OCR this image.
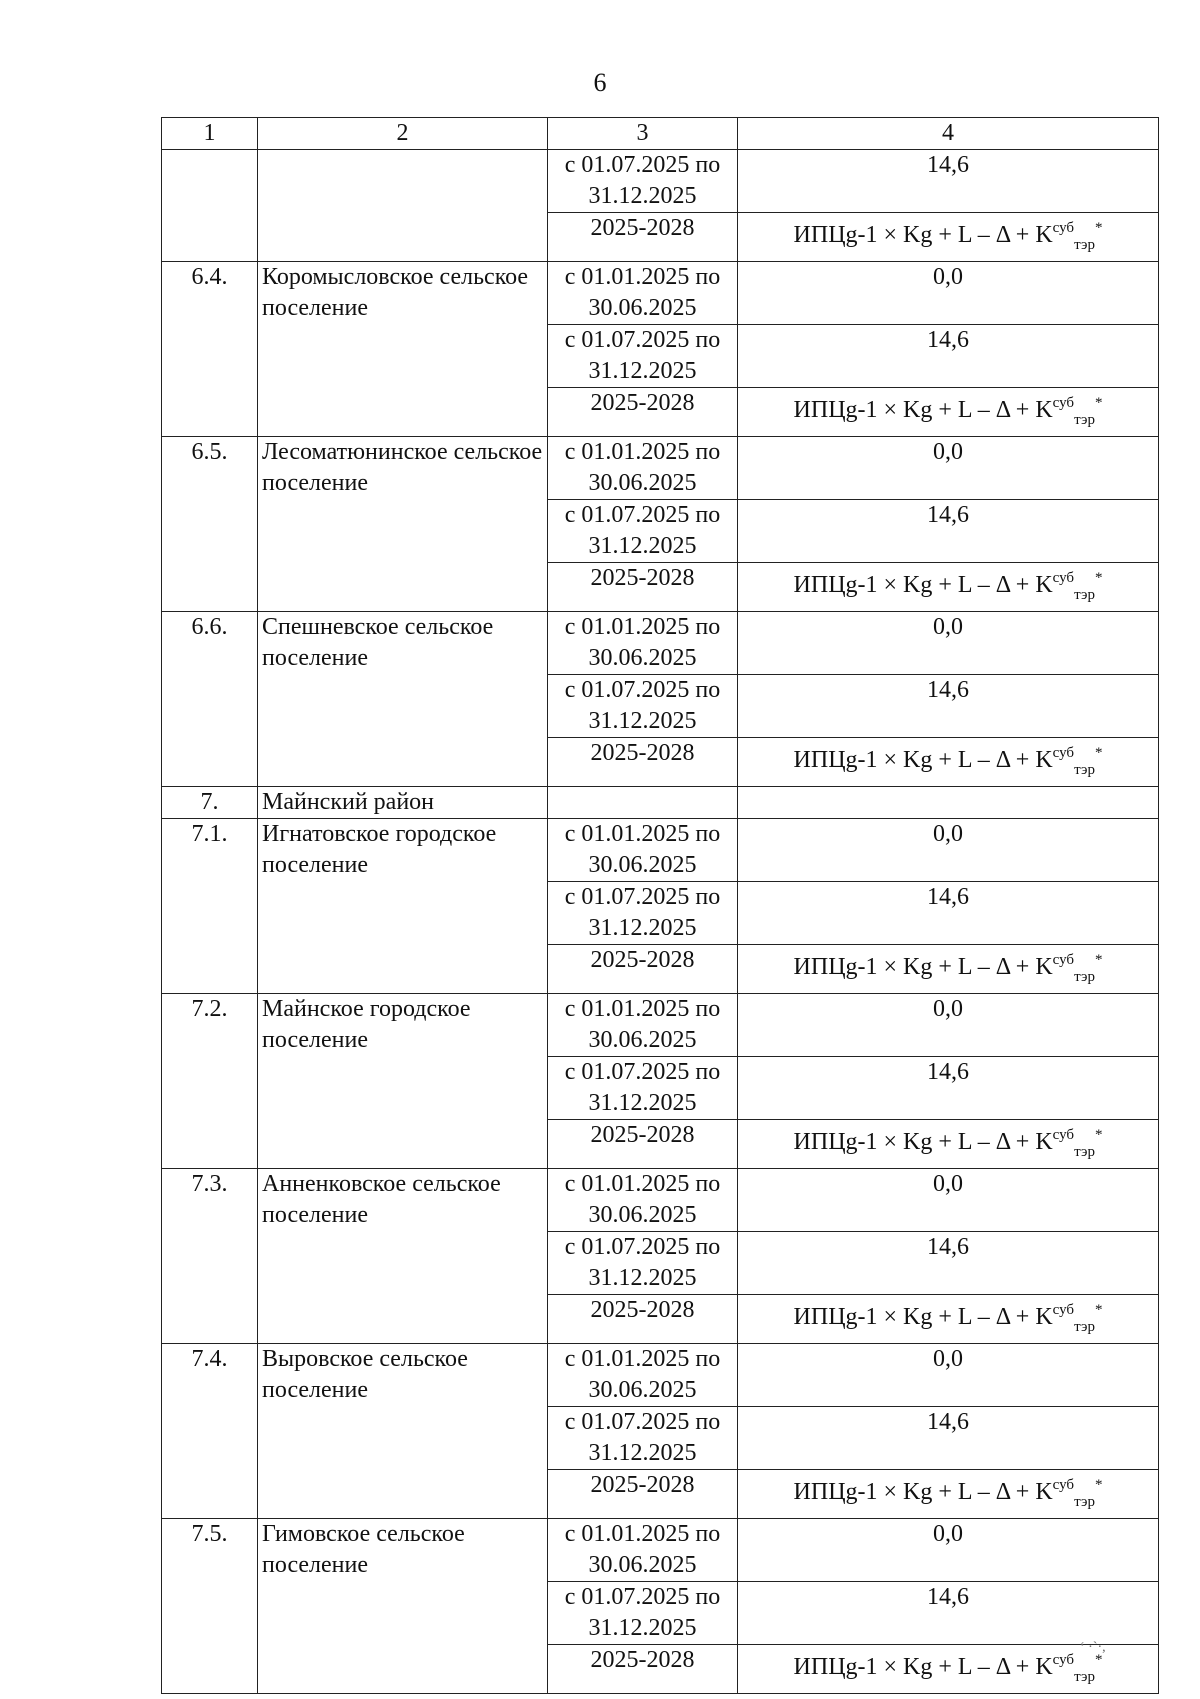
6
1	2	3	4
		с 01.07.2025 по 31.12.2025	14,6
		2025-2028	ИПЦg-1 × $Kg + L - \Delta + K^{суб}_{тэр}^*$
6.4.	Коромысловское сельское поселение	с 01.01.2025 по 30.06.2025	0,0
		с 01.07.2025 по 31.12.2025	14,6
		2025-2028	ИПЦg-1 × $Kg + L - \Delta + K^{суб}_{тэр}^*$
6.5.	Лесоматюнинское сельское поселение	с 01.01.2025 по 30.06.2025	0,0
		с 01.07.2025 по 31.12.2025	14,6
		2025-2028	ИПЦg-1 × $Kg + L - \Delta + K^{суб}_{тэр}^*$
6.6.	Спешневское сельское поселение	с 01.01.2025 по 30.06.2025	0,0
		с 01.07.2025 по 31.12.2025	14,6
		2025-2028	ИПЦg-1 × $Kg + L - \Delta + K^{суб}_{тэр}^*$
7.	Майнский район		
7.1.	Игнатовское городское поселение	с 01.01.2025 по 30.06.2025	0,0
		с 01.07.2025 по 31.12.2025	14,6
		2025-2028	ИПЦg-1 × $Kg + L - \Delta + K^{суб}_{тэр}^*$
7.2.	Майнское городское поселение	с 01.01.2025 по 30.06.2025	0,0
		с 01.07.2025 по 31.12.2025	14,6
		2025-2028	ИПЦg-1 × $Kg + L - \Delta + K^{суб}_{тэр}^*$
7.3.	Анненковское сельское поселение	с 01.01.2025 по 30.06.2025	0,0
		с 01.07.2025 по 31.12.2025	14,6
		2025-2028	ИПЦg-1 × $Kg + L - \Delta + K^{суб}_{тэр}^*$
7.4.	Выровское сельское поселение	с 01.01.2025 по 30.06.2025	0,0
		с 01.07.2025 по 31.12.2025	14,6
		2025-2028	ИПЦg-1 × $Kg + L - \Delta + K^{суб}_{тэр}^*$
7.5.	Гимовское сельское поселение	с 01.01.2025 по 30.06.2025	0,0
		с 01.07.2025 по 31.12.2025	14,6
		2025-2028	ИПЦg-1 × $Kg + L - \Delta + K^{суб}_{тэр}^*$
‘ ·`·,
